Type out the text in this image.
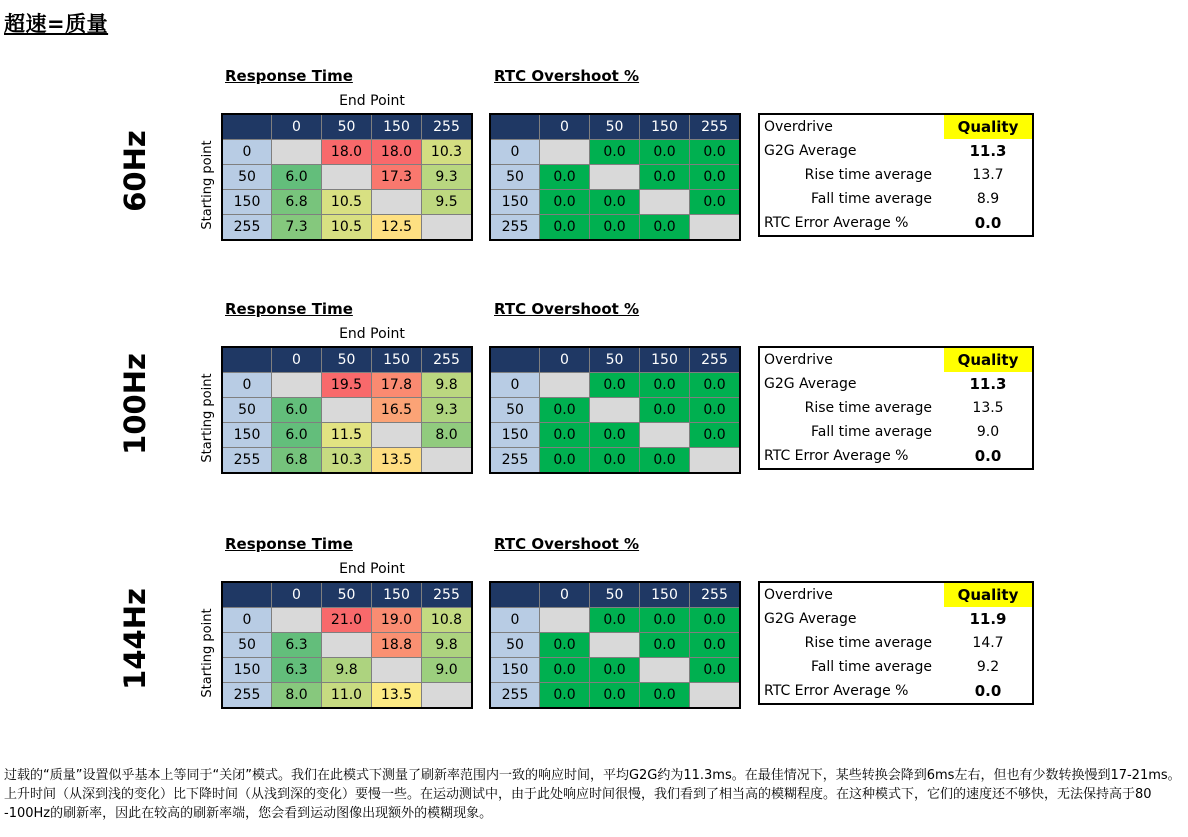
超速=质量
60Hz	Starting point
Response Time	RTC Overshoot %
End Point
	0	50	150	255
0		18.0	18.0	10.3
50	6.0		17.3	9.3
150	6.8	10.5		9.5
255	7.3	10.5	12.5	
	0	50	150	255
0		0.0	0.0	0.0
50	0.0		0.0	0.0
150	0.0	0.0		0.0
255	0.0	0.0	0.0	
Overdrive	Quality
G2G Average	11.3
Rise time average	13.7
Fall time average	8.9
RTC Error Average %	0.0
100Hz	Starting point
Response Time	RTC Overshoot %
End Point
	0	50	150	255
0		19.5	17.8	9.8
50	6.0		16.5	9.3
150	6.0	11.5		8.0
255	6.8	10.3	13.5	
	0	50	150	255
0		0.0	0.0	0.0
50	0.0		0.0	0.0
150	0.0	0.0		0.0
255	0.0	0.0	0.0	
Overdrive	Quality
G2G Average	11.3
Rise time average	13.5
Fall time average	9.0
RTC Error Average %	0.0
144Hz	Starting point
Response Time	RTC Overshoot %
End Point
	0	50	150	255
0		21.0	19.0	10.8
50	6.3		18.8	9.8
150	6.3	9.8		9.0
255	8.0	11.0	13.5	
	0	50	150	255
0		0.0	0.0	0.0
50	0.0		0.0	0.0
150	0.0	0.0		0.0
255	0.0	0.0	0.0	
Overdrive	Quality
G2G Average	11.9
Rise time average	14.7
Fall time average	9.2
RTC Error Average %	0.0
过载的“质量”设置似乎基本上等同于“关闭”模式。我们在此模式下测量了刷新率范围内一致的响应时间，平均G2G约为11.3ms。在最佳情况下，某些转换会降到6ms左右，但也有少数转换慢到17-21ms。上升时间（从深到浅的变化）比下降时间（从浅到深的变化）要慢一些。在运动测试中，由于此处响应时间很慢，我们看到了相当高的模糊程度。在这种模式下，它们的速度还不够快，无法保持高于80 -100Hz的刷新率，因此在较高的刷新率端，您会看到运动图像出现额外的模糊现象。
